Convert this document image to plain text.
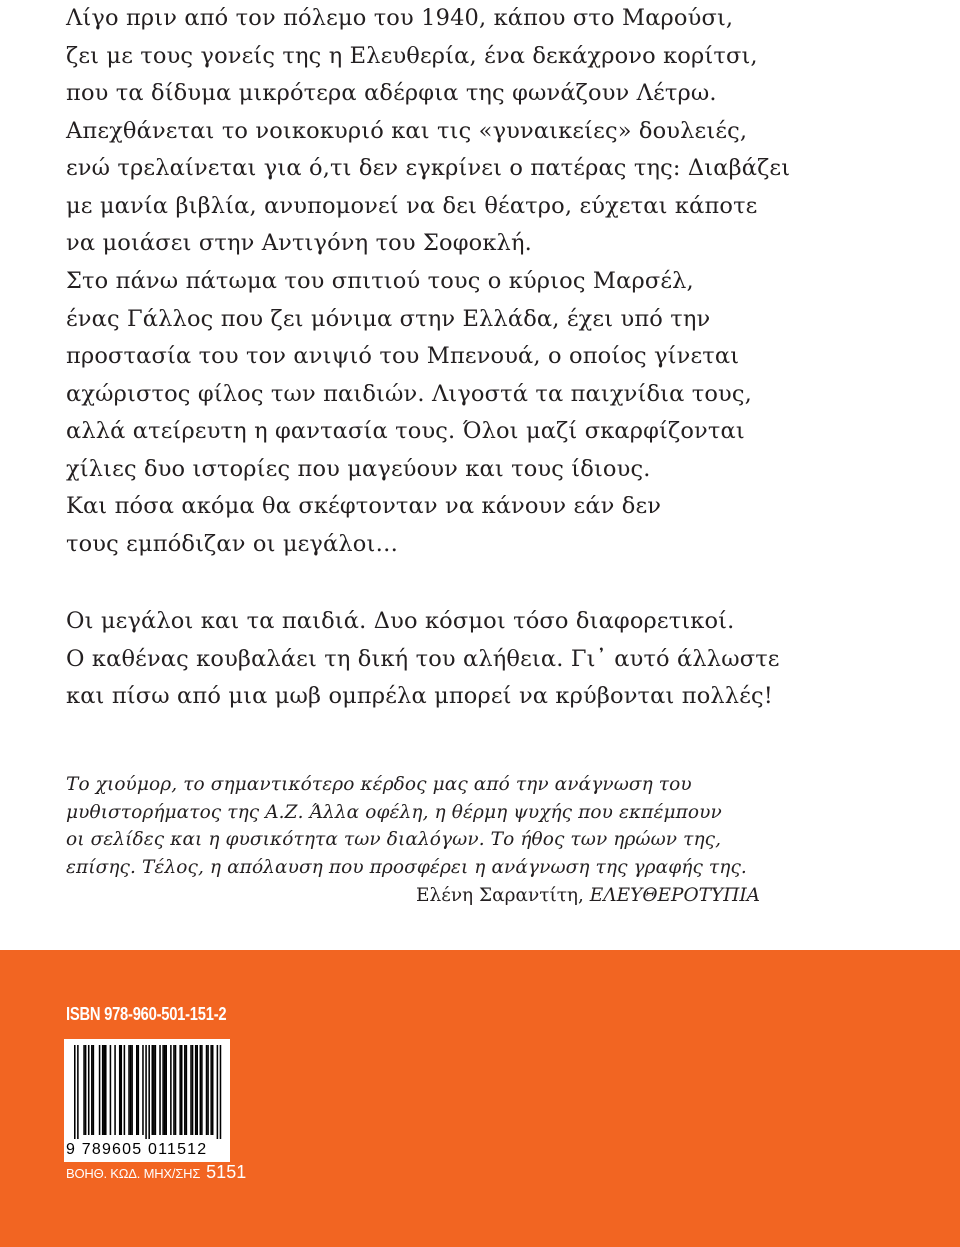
Λίγο πριν από τον πόλεμο του 1940, κάπου στο Μαρούσι,
ζει με τους γονείς της η Ελευθερία, ένα δεκάχρονο κορίτσι,
που τα δίδυμα μικρότερα αδέρφια της φωνάζουν Λέτρω.
Απεχθάνεται το νοικοκυριό και τις «γυναικείες» δουλειές,
ενώ τρελαίνεται για ό,τι δεν εγκρίνει ο πατέρας της: Διαβάζει
με μανία βιβλία, ανυπομονεί να δει θέατρο, εύχεται κάποτε
να μοιάσει στην Αντιγόνη του Σοφοκλή.
Στο πάνω πάτωμα του σπιτιού τους ο κύριος Μαρσέλ,
ένας Γάλλος που ζει μόνιμα στην Ελλάδα, έχει υπό την
προστασία του τον ανιψιό του Μπενουά, ο οποίος γίνεται
αχώριστος φίλος των παιδιών. Λιγοστά τα παιχνίδια τους,
αλλά ατείρευτη η φαντασία τους. Όλοι μαζί σκαρφίζονται
χίλιες δυο ιστορίες που μαγεύουν και τους ίδιους.
Και πόσα ακόμα θα σκέφτονταν να κάνουν εάν δεν
τους εμπόδιζαν οι μεγάλοι…
Οι μεγάλοι και τα παιδιά. Δυο κόσμοι τόσο διαφορετικοί.
Ο καθένας κουβαλάει τη δική του αλήθεια. Γι᾽ αυτό άλλωστε
και πίσω από μια μωβ ομπρέλα μπορεί να κρύβονται πολλές!
Το χιούμορ, το σημαντικότερο κέρδος μας από την ανάγνωση του
μυθιστορήματος της Α.Ζ. Άλλα οφέλη, η θέρμη ψυχής που εκπέμπουν
οι σελίδες και η φυσικότητα των διαλόγων. Το ήθος των ηρώων της,
επίσης. Τέλος, η απόλαυση που προσφέρει η ανάγνωση της γραφής της.
Ελένη Σαραντίτη, ΕΛΕΥΘΕΡΟΤΥΠΙΑ
ISBN 978-960-501-151-2
9 789605 011512
ΒΟΗΘ. ΚΩΔ. ΜΗΧ/ΣΗΣ 5151
